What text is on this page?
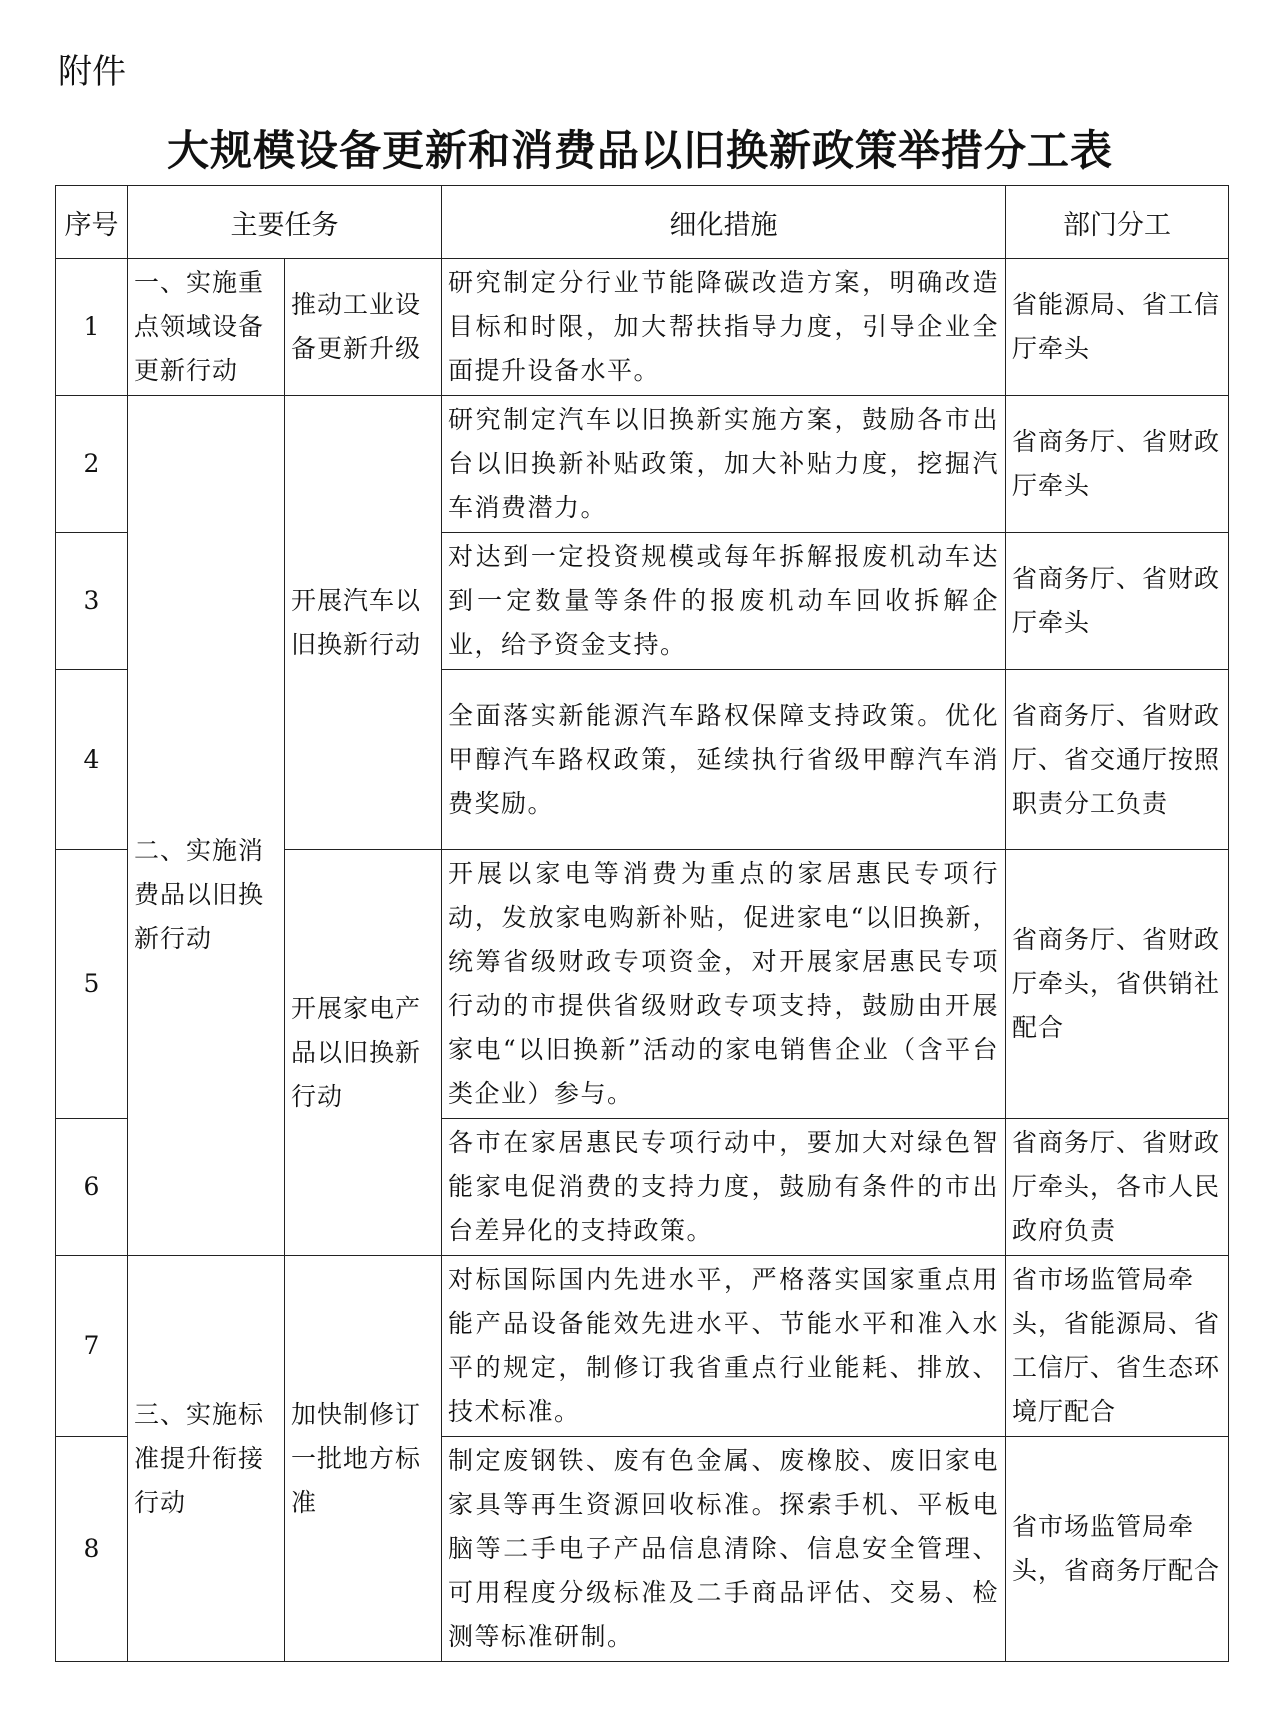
附件
大规模设备更新和消费品以旧换新政策举措分工表
序号	主要任务		细化措施	部门分工
1	一、实施重点领域设备更新行动	推动工业设备更新升级	研究制定分行业节能降碳改造方案，明确改造目标和时限，加大帮扶指导力度，引导企业全面提升设备水平。	省能源局、省工信厅牵头
2	二、实施消费品以旧换新行动	开展汽车以旧换新行动	研究制定汽车以旧换新实施方案，鼓励各市出台以旧换新补贴政策，加大补贴力度，挖掘汽车消费潜力。	省商务厅、省财政厅牵头
3			对达到一定投资规模或每年拆解报废机动车达到一定数量等条件的报废机动车回收拆解企业，给予资金支持。	省商务厅、省财政厅牵头
4			全面落实新能源汽车路权保障支持政策。优化甲醇汽车路权政策，延续执行省级甲醇汽车消费奖励。	省商务厅、省财政厅、省交通厅按照职责分工负责
5		开展家电产品以旧换新行动	开展以家电等消费为重点的家居惠民专项行动，发放家电购新补贴，促进家电“以旧换新，统筹省级财政专项资金，对开展家居惠民专项行动的市提供省级财政专项支持，鼓励由开展家电“以旧换新”活动的家电销售企业（含平台类企业）参与。	省商务厅、省财政厅牵头，省供销社配合
6			各市在家居惠民专项行动中，要加大对绿色智能家电促消费的支持力度，鼓励有条件的市出台差异化的支持政策。	省商务厅、省财政厅牵头，各市人民政府负责
7	三、实施标准提升衔接行动	加快制修订一批地方标准	对标国际国内先进水平，严格落实国家重点用能产品设备能效先进水平、节能水平和准入水平的规定，制修订我省重点行业能耗、排放、技术标准。	省市场监管局牵头，省能源局、省工信厅、省生态环境厅配合
8			制定废钢铁、废有色金属、废橡胶、废旧家电家具等再生资源回收标准。探索手机、平板电脑等二手电子产品信息清除、信息安全管理、可用程度分级标准及二手商品评估、交易、检测等标准研制。	省市场监管局牵头，省商务厅配合
